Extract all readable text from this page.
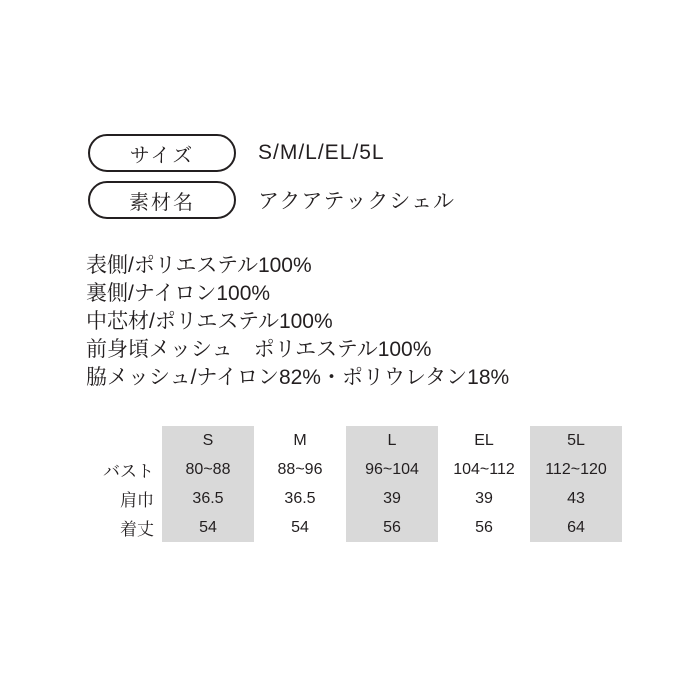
サイズ	S/M/L/EL/5L
素材名	アクアテックシェル
表側/ポリエステル100%
裏側/ナイロン100%
中芯材/ポリエステル100%
前身頃メッシュ　ポリエステル100%
脇メッシュ/ナイロン82%・ポリウレタン18%
	S	M	L	EL	5L
バスト	80~88	88~96	96~104	104~112	112~120
肩巾	36.5	36.5	39	39	43
着丈	54	54	56	56	64
